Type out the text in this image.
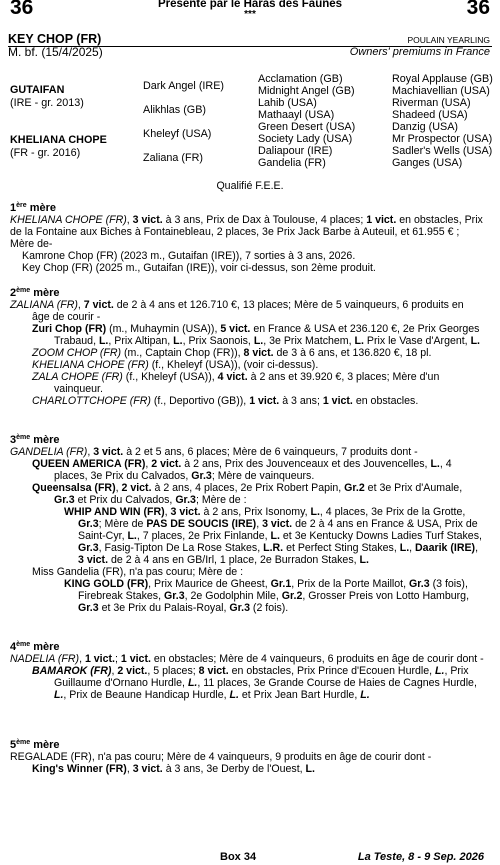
36	Présenté par le Haras des Faunes
***	36
KEY CHOP (FR)	POULAIN YEARLING
M. bf. (15/4/2025)	Owners' premiums in France
GUTAIFAN
(IRE - gr. 2013)
KHELIANA CHOPE
(FR - gr. 2016)
Dark Angel (IRE)
Alikhlas (GB)
Kheleyf (USA)
Zaliana (FR)
Acclamation (GB)
Midnight Angel (GB)
Lahib (USA)
Mathaayl (USA)
Green Desert (USA)
Society Lady (USA)
Daliapour (IRE)
Gandelia (FR)
Royal Applause (GB)
Machiavellian (USA)
Riverman (USA)
Shadeed (USA)
Danzig (USA)
Mr Prospector (USA)
Sadler's Wells (USA)
Ganges (USA)
Qualifié F.E.E.
1ère mère

KHELIANA CHOPE (FR), 3 vict. à 3 ans, Prix de Dax à Toulouse, 4 places; 1 vict. en obstacles, Prix de la Fontaine aux Biches à Fontainebleau, 2 places, 3e Prix Jack Barbe à Auteuil, et 61.955 € ; Mère de-

Kamrone Chop (FR) (2023 m., Gutaifan (IRE)), 7 sorties à 3 ans, 2026.

Key Chop (FR) (2025 m., Gutaifan (IRE)), voir ci-dessus, son 2ème produit.

2ème mère

ZALIANA (FR), 7 vict. de 2 à 4 ans et 126.710 €, 13 places; Mère de 5 vainqueurs, 6 produits en âge de courir -

Zuri Chop (FR) (m., Muhaymin (USA)), 5 vict. en France & USA et 236.120 €, 2e Prix Georges Trabaud, L., Prix Altipan, L., Prix Saonois, L., 3e Prix Matchem, L. Prix le Vase d'Argent, L.

ZOOM CHOP (FR) (m., Captain Chop (FR)), 8 vict. de 3 à 6 ans, et 136.820 €, 18 pl.

KHELIANA CHOPE (FR) (f., Kheleyf (USA)), (voir ci-dessus).

ZALA CHOPE (FR) (f., Kheleyf (USA)), 4 vict. à 2 ans et 39.920 €, 3 places; Mère d'un vainqueur.

CHARLOTTCHOPE (FR) (f., Deportivo (GB)), 1 vict. à 3 ans; 1 vict. en obstacles.

3ème mère

GANDELIA (FR), 3 vict. à 2 et 5 ans, 6 places; Mère de 6 vainqueurs, 7 produits dont -

QUEEN AMERICA (FR), 2 vict. à 2 ans, Prix des Jouvenceaux et des Jouvencelles, L., 4 places, 3e Prix du Calvados, Gr.3; Mère de vainqueurs.

Queensalsa (FR), 2 vict. à 2 ans, 4 places, 2e Prix Robert Papin, Gr.2 et 3e Prix d'Aumale, Gr.3 et Prix du Calvados, Gr.3; Mère de :

WHIP AND WIN (FR), 3 vict. à 2 ans, Prix Isonomy, L., 4 places, 3e Prix de la Grotte, Gr.3; Mère de PAS DE SOUCIS (IRE), 3 vict. de 2 à 4 ans en France & USA, Prix de Saint-Cyr, L., 7 places, 2e Prix Finlande, L. et 3e Kentucky Downs Ladies Turf Stakes, Gr.3, Fasig-Tipton De La Rose Stakes, L.R. et Perfect Sting Stakes, L., Daarik (IRE), 3 vict. de 2 à 4 ans en GB/Irl, 1 place, 2e Burradon Stakes, L.

Miss Gandelia (FR), n'a pas couru; Mère de :

KING GOLD (FR), Prix Maurice de Gheest, Gr.1, Prix de la Porte Maillot, Gr.3 (3 fois), Firebreak Stakes, Gr.3, 2e Godolphin Mile, Gr.2, Grosser Preis von Lotto Hamburg, Gr.3 et 3e Prix du Palais-Royal, Gr.3 (2 fois).

4ème mère

NADELIA (FR), 1 vict.; 1 vict. en obstacles; Mère de 4 vainqueurs, 6 produits en âge de courir dont -

BAMAROK (FR), 2 vict., 5 places; 8 vict. en obstacles, Prix Prince d'Ecouen Hurdle, L., Prix Guillaume d'Ornano Hurdle, L., 11 places, 3e Grande Course de Haies de Cagnes Hurdle, L., Prix de Beaune Handicap Hurdle, L. et Prix Jean Bart Hurdle, L.

5ème mère

REGALADE (FR), n'a pas couru; Mère de 4 vainqueurs, 9 produits en âge de courir dont -

King's Winner (FR), 3 vict. à 3 ans, 3e Derby de l'Ouest, L.

Box 34	La Teste, 8 - 9 Sep. 2026
